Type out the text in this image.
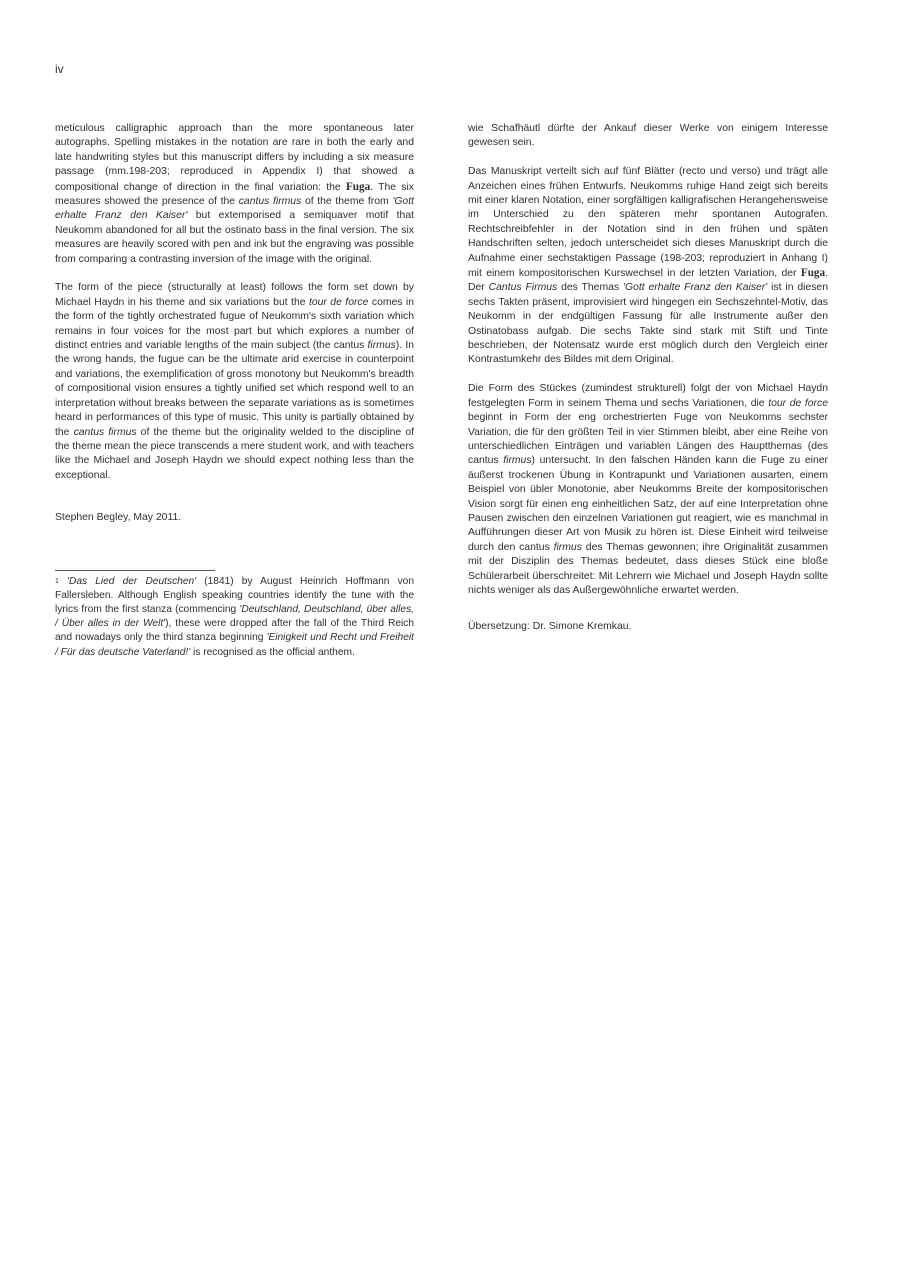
iv

meticulous calligraphic approach than the more spontaneous later autographs. Spelling mistakes in the notation are rare in both the early and late handwriting styles but this manuscript differs by including a six measure passage (mm.198-203; reproduced in Appendix I) that showed a compositional change of direction in the final variation: the Fuga. The six measures showed the presence of the cantus firmus of the theme from 'Gott erhalte Franz den Kaiser' but extemporised a semiquaver motif that Neukomm abandoned for all but the ostinato bass in the final version. The six measures are heavily scored with pen and ink but the engraving was possible from comparing a contrasting inversion of the image with the original.

The form of the piece (structurally at least) follows the form set down by Michael Haydn in his theme and six variations but the tour de force comes in the form of the tightly orchestrated fugue of Neukomm's sixth variation which remains in four voices for the most part but which explores a number of distinct entries and variable lengths of the main subject (the cantus firmus). In the wrong hands, the fugue can be the ultimate arid exercise in counterpoint and variations, the exemplification of gross monotony but Neukomm's breadth of compositional vision ensures a tightly unified set which respond well to an interpretation without breaks between the separate variations as is sometimes heard in performances of this type of music. This unity is partially obtained by the cantus firmus of the theme but the originality welded to the discipline of the theme mean the piece transcends a mere student work, and with teachers like the Michael and Joseph Haydn we should expect nothing less than the exceptional.

Stephen Begley, May 2011.

$^1$ 'Das Lied der Deutschen' (1841) by August Heinrich Hoffmann von Fallersleben. Although English speaking countries identify the tune with the lyrics from the first stanza (commencing 'Deutschland, Deutschland, über alles, / Über alles in der Welt'), these were dropped after the fall of the Third Reich and nowadays only the third stanza beginning 'Einigkeit und Recht und Freiheit / Für das deutsche Vaterland!' is recognised as the official anthem.

wie Schafhäutl dürfte der Ankauf dieser Werke von einigem Interesse gewesen sein.

Das Manuskript verteilt sich auf fünf Blätter (recto und verso) und trägt alle Anzeichen eines frühen Entwurfs. Neukomms ruhige Hand zeigt sich bereits mit einer klaren Notation, einer sorgfältigen kalligrafischen Herangehensweise im Unterschied zu den späteren mehr spontanen Autografen. Rechtschreibfehler in der Notation sind in den frühen und späten Handschriften selten, jedoch unterscheidet sich dieses Manuskript durch die Aufnahme einer sechstaktigen Passage (198-203; reproduziert in Anhang I) mit einem kompositorischen Kurswechsel in der letzten Variation, der Fuga. Der Cantus Firmus des Themas 'Gott erhalte Franz den Kaiser' ist in diesen sechs Takten präsent, improvisiert wird hingegen ein Sechszehntel-Motiv, das Neukomm in der endgültigen Fassung für alle Instrumente außer den Ostinatobass aufgab. Die sechs Takte sind stark mit Stift und Tinte beschrieben, der Notensatz wurde erst möglich durch den Vergleich einer Kontrastumkehr des Bildes mit dem Original.

Die Form des Stückes (zumindest strukturell) folgt der von Michael Haydn festgelegten Form in seinem Thema und sechs Variationen, die tour de force beginnt in Form der eng orchestrierten Fuge von Neukomms sechster Variation, die für den größten Teil in vier Stimmen bleibt, aber eine Reihe von unterschiedlichen Einträgen und variablen Längen des Hauptthemas (des cantus firmus) untersucht. In den falschen Händen kann die Fuge zu einer äußerst trockenen Übung in Kontrapunkt und Variationen ausarten, einem Beispiel von übler Monotonie, aber Neukomms Breite der kompositorischen Vision sorgt für einen eng einheitlichen Satz, der auf eine Interpretation ohne Pausen zwischen den einzelnen Variationen gut reagiert, wie es manchmal in Aufführungen dieser Art von Musik zu hören ist. Diese Einheit wird teilweise durch den cantus firmus des Themas gewonnen; ihre Originalität zusammen mit der Disziplin des Themas bedeutet, dass dieses Stück eine bloße Schülerarbeit überschreitet: Mit Lehrern wie Michael und Joseph Haydn sollte nichts weniger als das Außergewöhnliche erwartet werden.

Übersetzung: Dr. Simone Kremkau.
